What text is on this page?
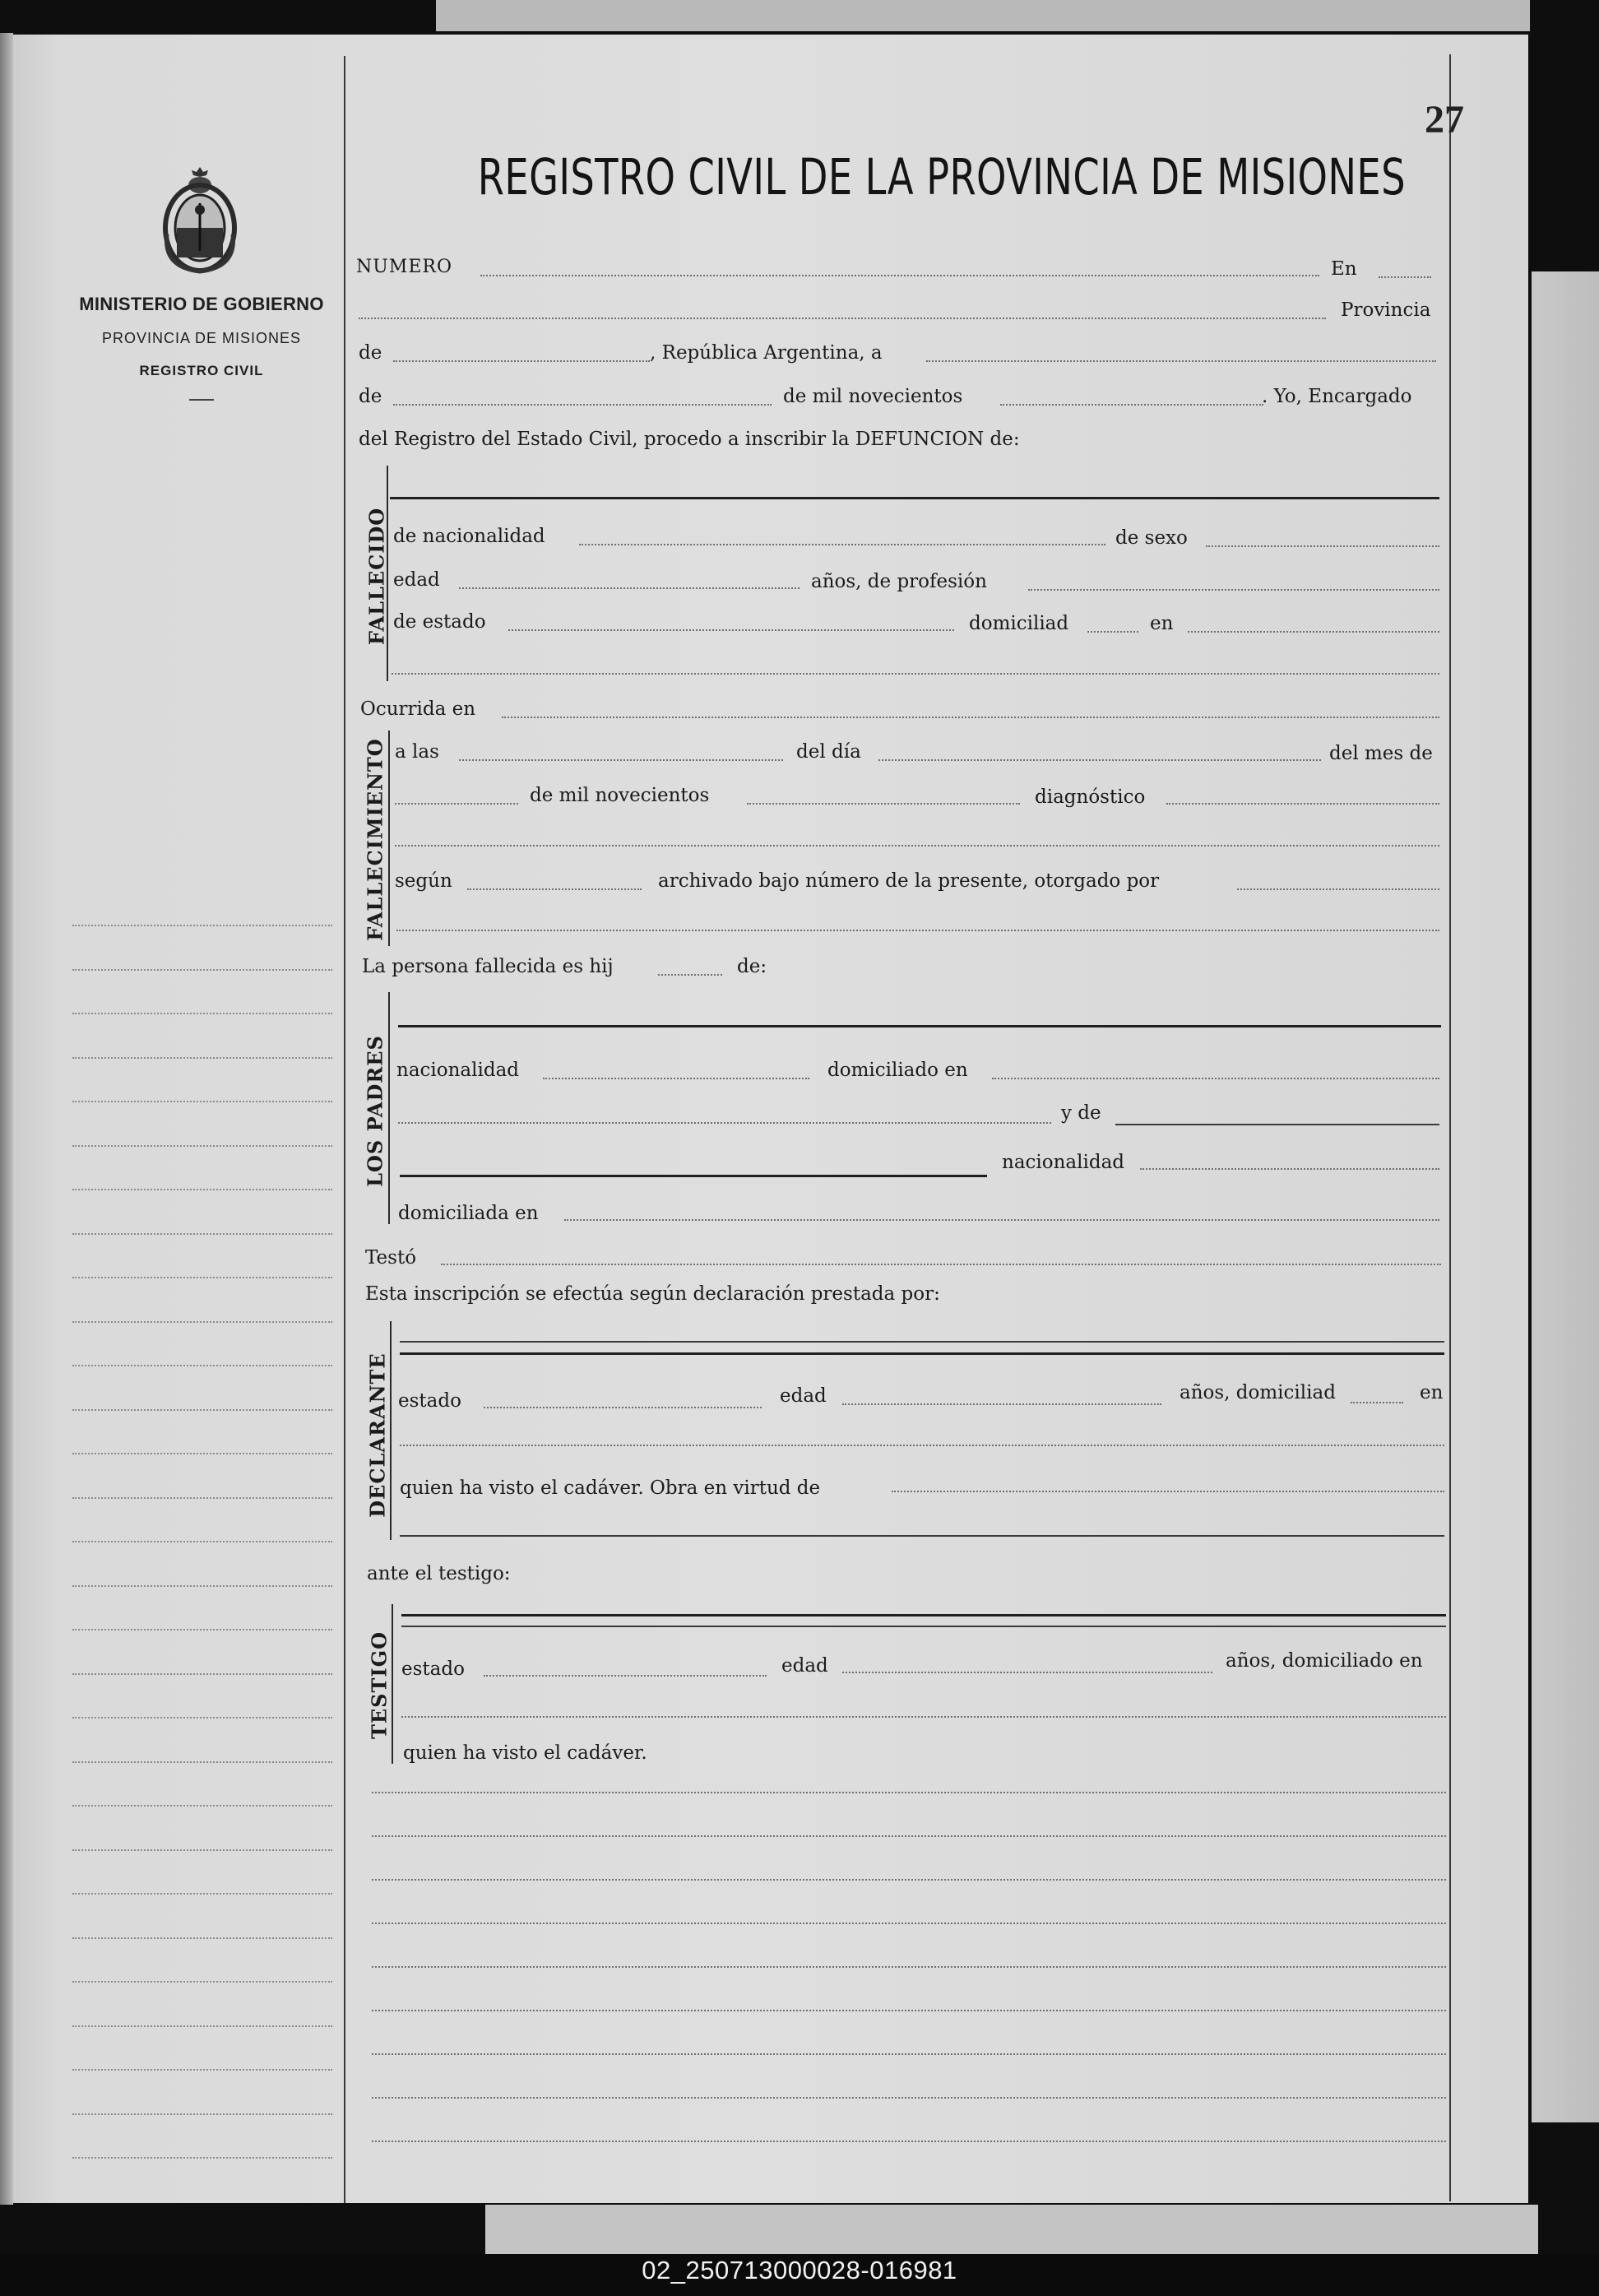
02_250713000028-016981
27
MINISTERIO DE GOBIERNO
PROVINCIA DE MISIONES
REGISTRO CIVIL
REGISTRO CIVIL DE LA PROVINCIA DE MISIONES
NUMERO	En
Provincia
de	, República Argentina, a
de	de mil novecientos	. Yo, Encargado
del Registro del Estado Civil, procedo a inscribir la DEFUNCION de:
FALLECIDO de nacionalidad	de sexo
edad	años, de profesión
de estado	domiciliad	en
Ocurrida en
FALLECIMIENTO a las	del día	del mes de
de mil novecientos	diagnóstico
según	archivado bajo número de la presente, otorgado por
La persona fallecida es hij	de:
LOS PADRES nacionalidad	domiciliado en
y de
nacionalidad
domiciliada en
Testó
Esta inscripción se efectúa según declaración prestada por:
DECLARANTE estado	edad	años, domiciliad	en
quien ha visto el cadáver. Obra en virtud de
ante el testigo:
TESTIGO estado	edad	años, domiciliado en
quien ha visto el cadáver.
